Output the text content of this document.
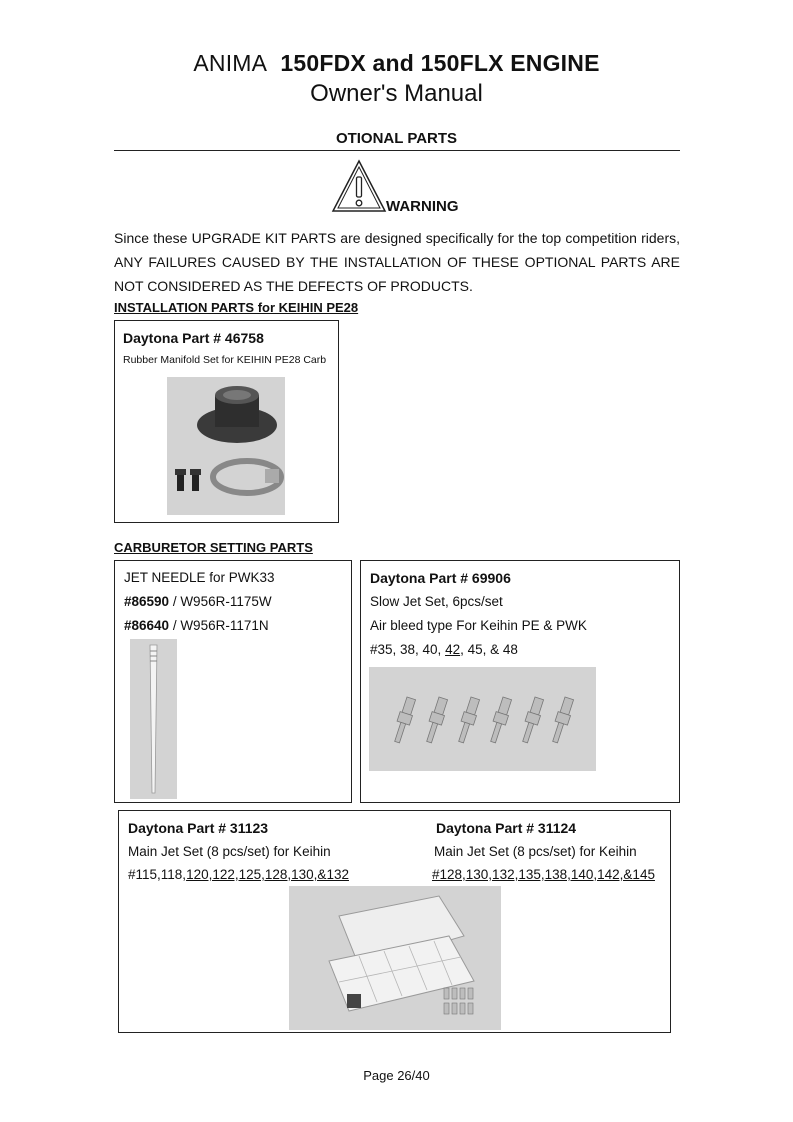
ANIMA 150FDX and 150FLX ENGINE
Owner's Manual
OTIONAL PARTS
WARNING
Since these UPGRADE KIT PARTS are designed specifically for the top competition riders, ANY FAILURES CAUSED BY THE INSTALLATION OF THESE OPTIONAL PARTS ARE NOT CONSIDERED AS THE DEFECTS OF PRODUCTS.
INSTALLATION PARTS for KEIHIN PE28
Daytona Part # 46758
Rubber Manifold Set for KEIHIN PE28 Carb
CARBURETOR SETTING PARTS
JET NEEDLE for PWK33
#86590 / W956R-1175W
#86640 / W956R-1171N
Daytona Part # 69906
Slow Jet Set, 6pcs/set
Air bleed type For Keihin PE & PWK
#35, 38, 40, 42, 45, & 48
Daytona Part # 31123
Main Jet Set (8 pcs/set) for Keihin
#115,118,120,122,125,128,130,&132
Daytona Part # 31124
Main Jet Set (8 pcs/set) for Keihin
#128,130,132,135,138,140,142,&145
Page 26/40
